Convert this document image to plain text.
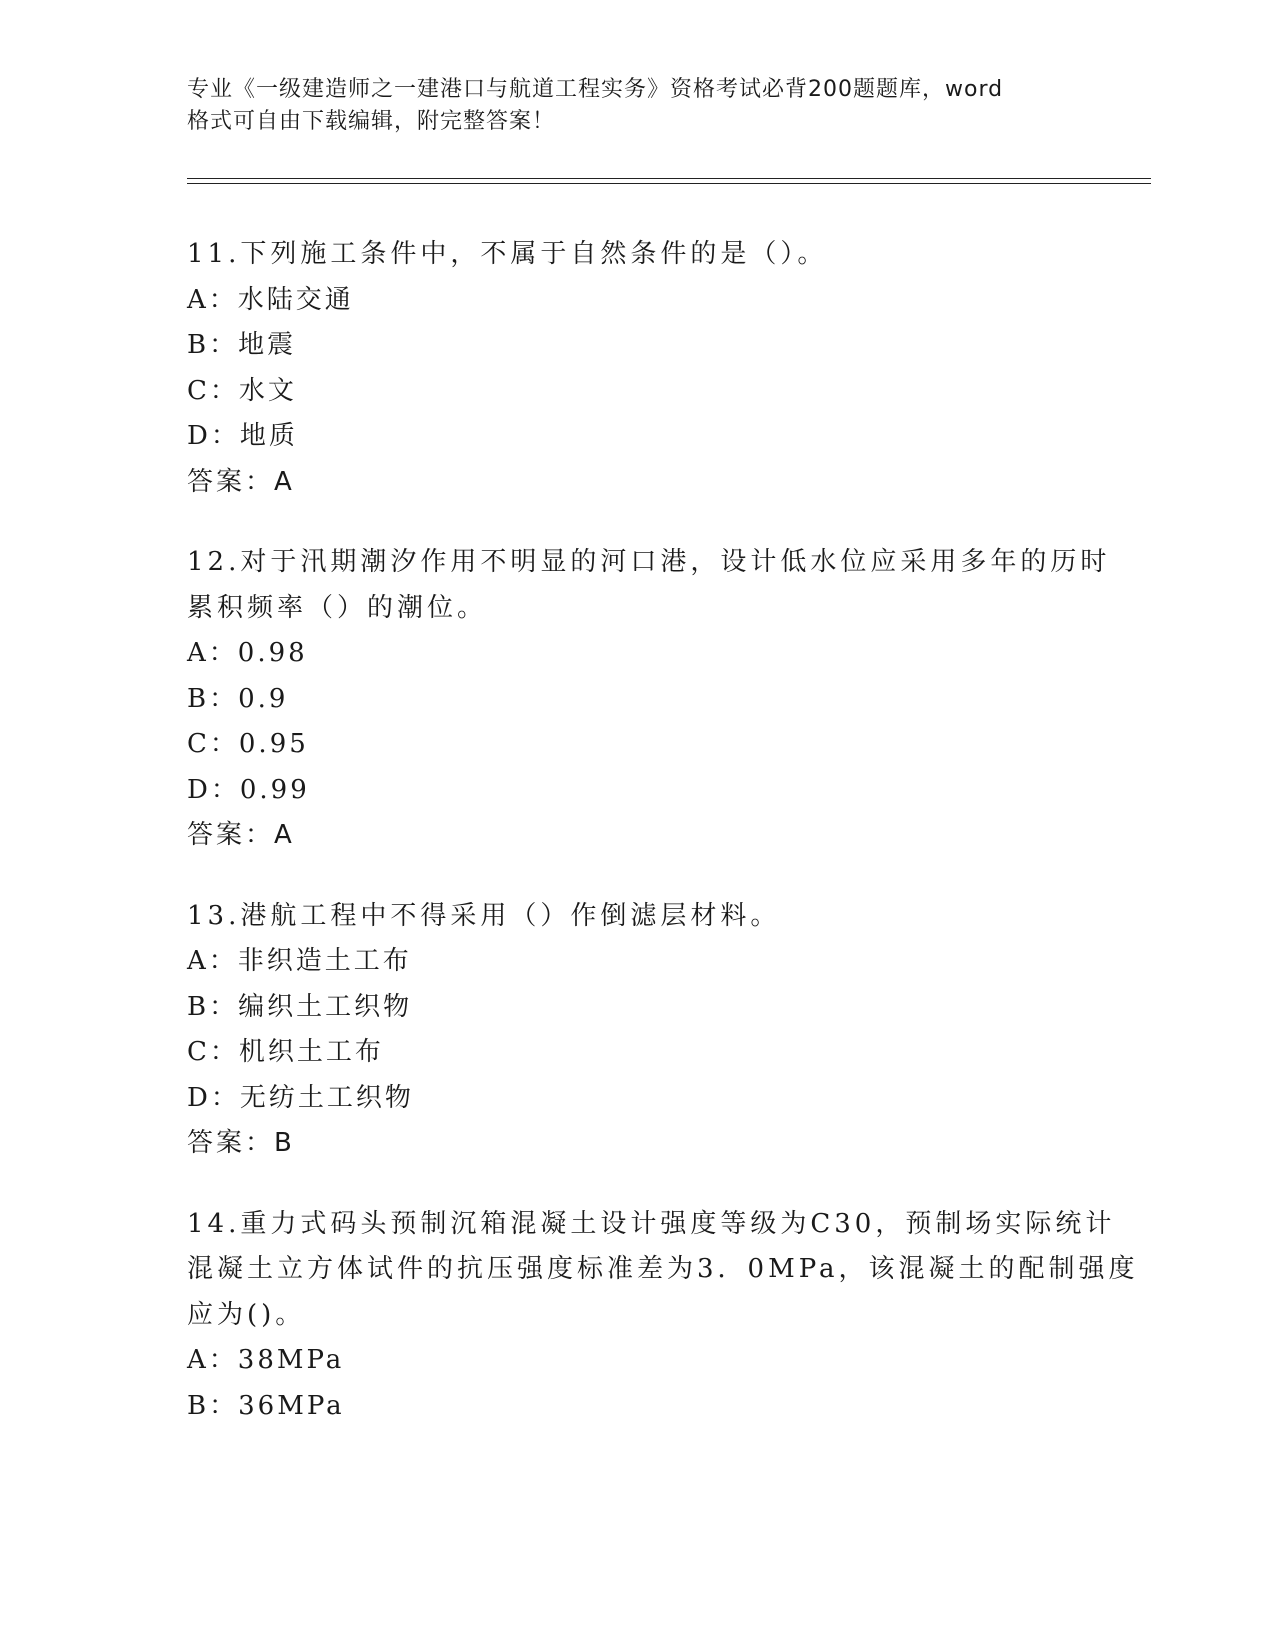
专业《一级建造师之一建港口与航道工程实务》资格考试必背200题题库，word
格式可自由下载编辑，附完整答案！
11.下列施工条件中，不属于自然条件的是（）。
A：水陆交通
B：地震
C：水文
D：地质
答案：A
12.对于汛期潮汐作用不明显的河口港，设计低水位应采用多年的历时
累积频率（）的潮位。
A：0.98
B：0.9
C：0.95
D：0.99
答案：A
13.港航工程中不得采用（）作倒滤层材料。
A：非织造土工布
B：编织土工织物
C：机织土工布
D：无纺土工织物
答案：B
14.重力式码头预制沉箱混凝土设计强度等级为C30，预制场实际统计
混凝土立方体试件的抗压强度标准差为3．0MPa，该混凝土的配制强度
应为()。
A：38MPa
B：36MPa
